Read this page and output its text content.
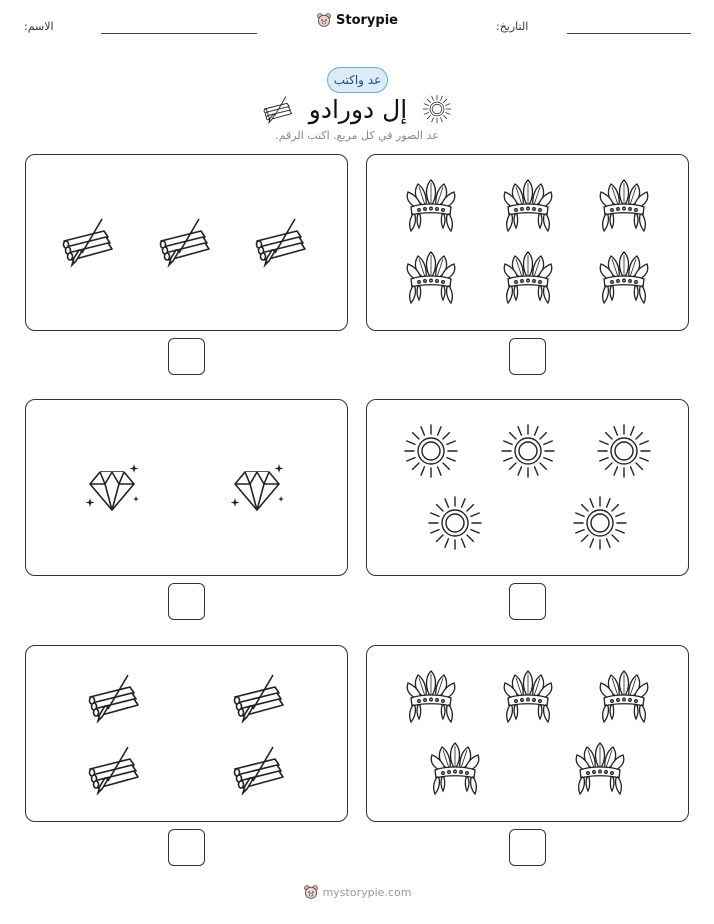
الاسم:	Storypie	التاريخ:
عد واكتب
إل دورادو
عد الصور في كل مربع. اكتب الرقم.
mystorypie.com
